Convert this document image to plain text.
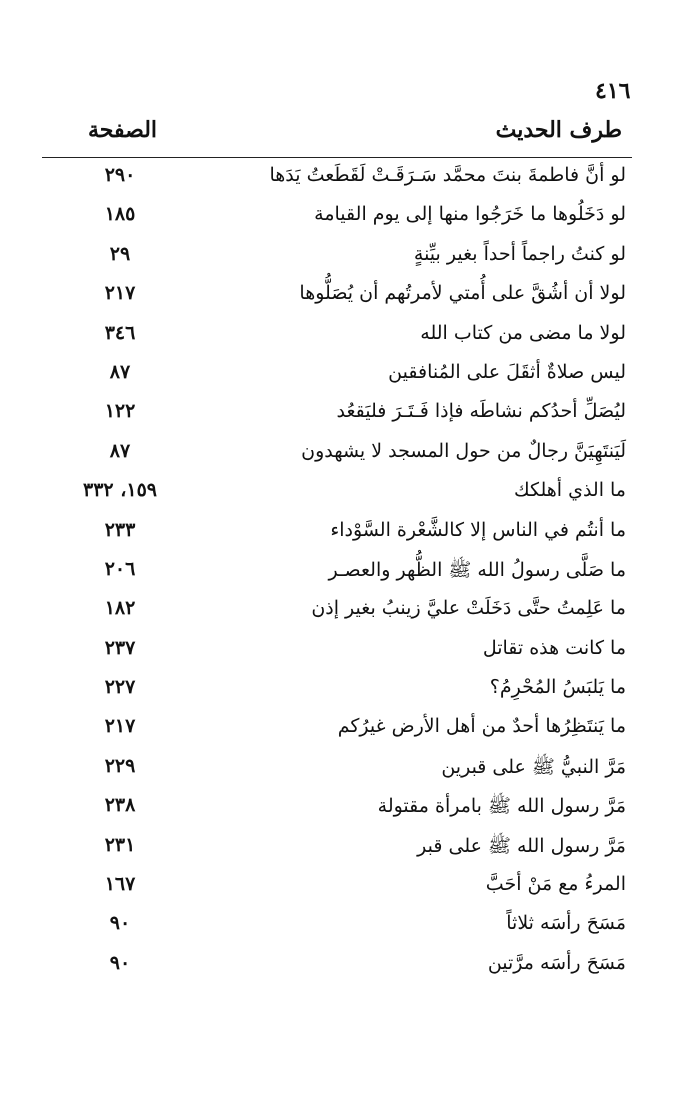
٤١٦
طرف الحديث
الصفحة
لو أنَّ فاطمةَ بنتَ محمَّد سَـرَقَـتْ لَقَطَعتُ يَدَها
٢٩٠
لو دَخَلُوها ما خَرَجُوا منها إلى يوم القيامة
١٨٥
لو كنتُ راجماً أحداً بغير بيِّنةٍ
٢٩
لولا أن أشُقَّ على أُمتي لأمرتُهم أن يُصَلُّوها
٢١٧
لولا ما مضى من كتاب الله
٣٤٦
ليس صلاةٌ أثقَلَ على المُنافقين
٨٧
ليُصَلِّ أحدُكم نشاطَه فإذا فَـتَـرَ فليَقعُد
١٢٢
لَيَنتَهِيَنَّ رجالٌ من حول المسجد لا يشهدون
٨٧
ما الذي أهلكك
١٥٩، ٣٣٢
ما أنتُم في الناس إلا كالشَّعْرة السَّوْداء
٢٣٣
ما صَلَّى رسولُ الله ﷺ الظُّهر والعصـر
٢٠٦
ما عَلِمتُ حتَّى دَخَلَتْ عليَّ زينبُ بغير إذن
١٨٢
ما كانت هذه تقاتل
٢٣٧
ما يَلبَسُ المُحْرِمُ؟
٢٢٧
ما يَنتَظِرُها أحدٌ من أهل الأرض غيرُكم
٢١٧
مَرَّ النبيُّ ﷺ على قبرين
٢٢٩
مَرَّ رسول الله ﷺ بامرأة مقتولة
٢٣٨
مَرَّ رسول الله ﷺ على قبر
٢٣١
المرءُ مع مَنْ أحَبَّ
١٦٧
مَسَحَ رأسَه ثلاثاً
٩٠
مَسَحَ رأسَه مرَّتين
٩٠
